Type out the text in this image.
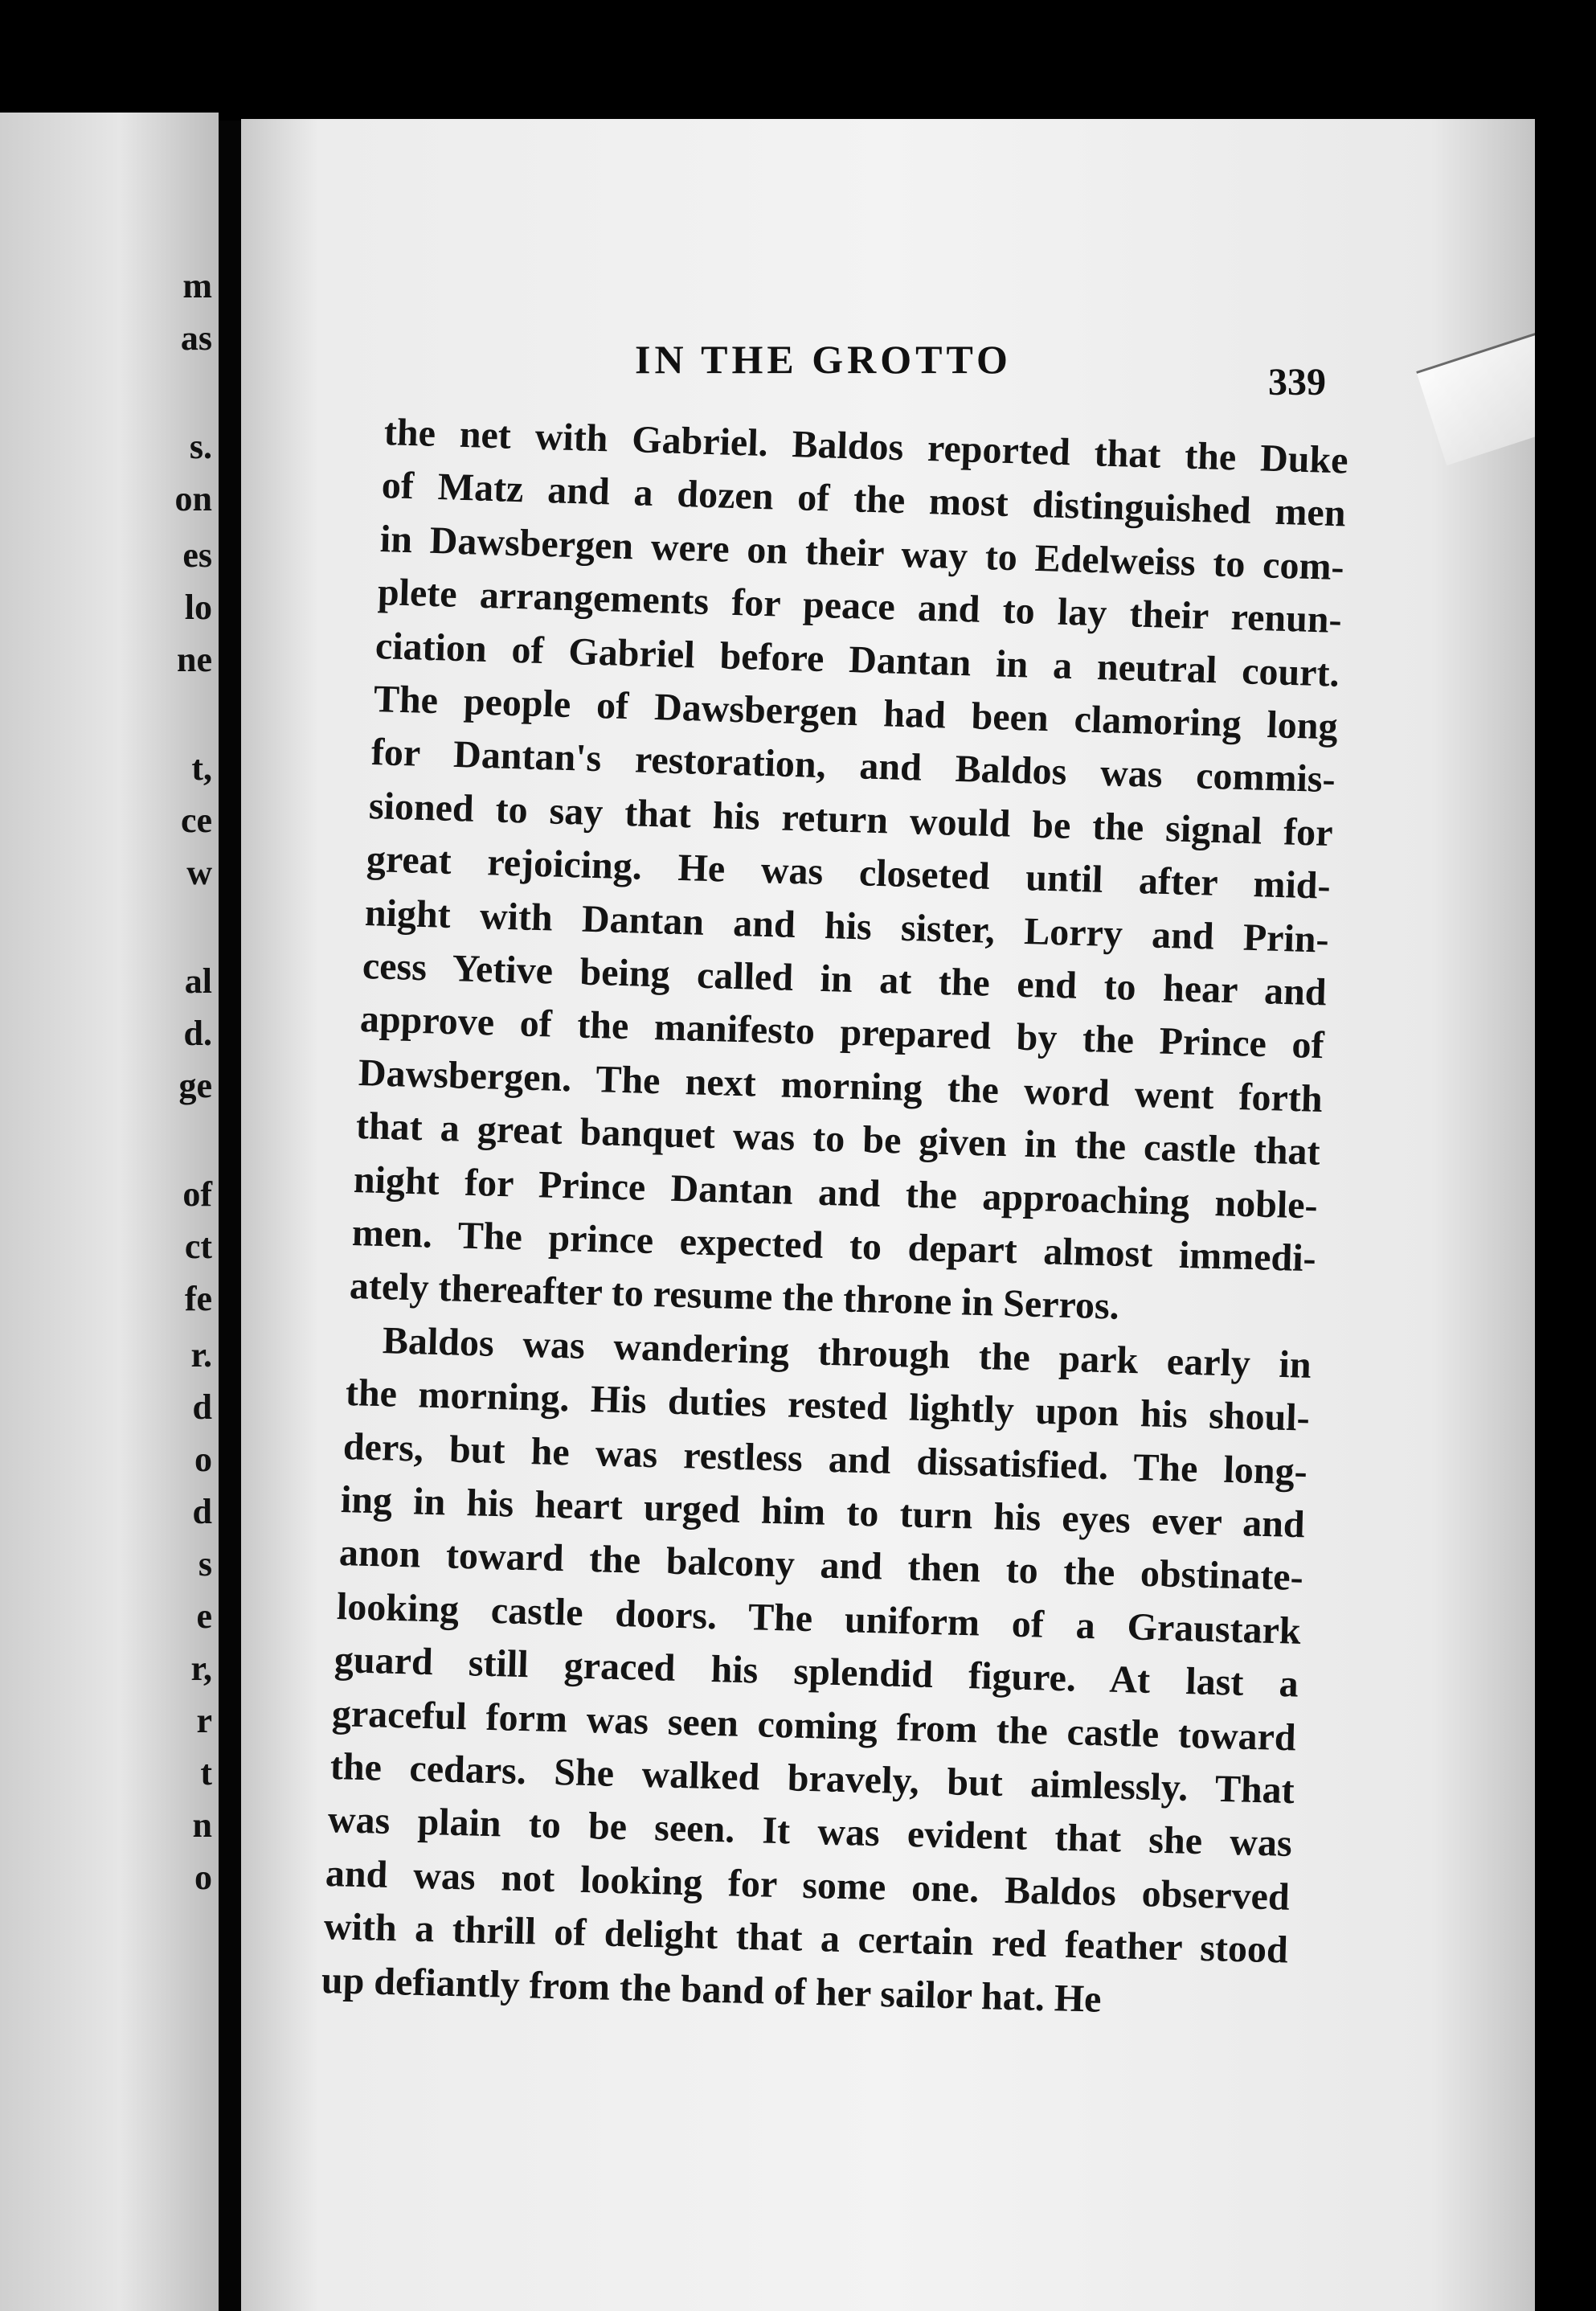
m
as
s.
on
es
lo
ne
t,
ce
w
al
d.
ge
of
ct
fe
r.
d
o
d
s
e
r,
r
t
n
o
IN THE GROTTO
339
the net with Gabriel. Baldos reported that the Duke
of Matz and a dozen of the most distinguished men
in Dawsbergen were on their way to Edelweiss to com-
plete arrangements for peace and to lay their renun-
ciation of Gabriel before Dantan in a neutral court.
The people of Dawsbergen had been clamoring long
for Dantan's restoration, and Baldos was commis-
sioned to say that his return would be the signal for
great rejoicing. He was closeted until after mid-
night with Dantan and his sister, Lorry and Prin-
cess Yetive being called in at the end to hear and
approve of the manifesto prepared by the Prince of
Dawsbergen. The next morning the word went forth
that a great banquet was to be given in the castle that
night for Prince Dantan and the approaching noble-
men. The prince expected to depart almost immedi-
ately thereafter to resume the throne in Serros.
Baldos was wandering through the park early in
the morning. His duties rested lightly upon his shoul-
ders, but he was restless and dissatisfied. The long-
ing in his heart urged him to turn his eyes ever and
anon toward the balcony and then to the obstinate-
looking castle doors. The uniform of a Graustark
guard still graced his splendid figure. At last a
graceful form was seen coming from the castle toward
the cedars. She walked bravely, but aimlessly. That
was plain to be seen. It was evident that she was
and was not looking for some one. Baldos observed
with a thrill of delight that a certain red feather stood
up defiantly from the band of her sailor hat. He
